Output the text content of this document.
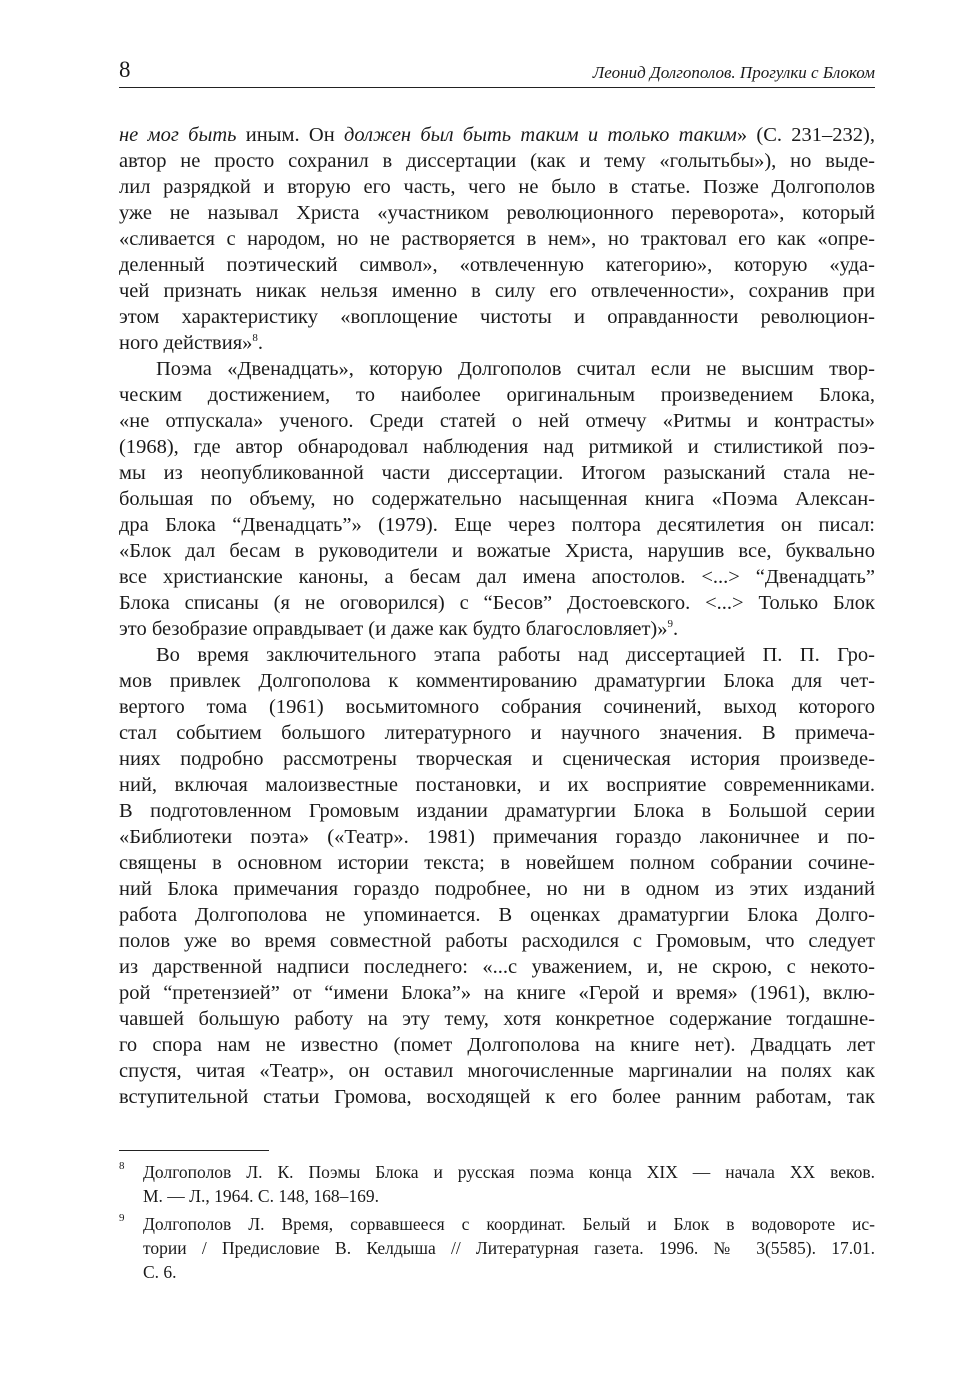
8	Леонид Долгополов. Прогулки с Блоком
не мог быть иным. Он должен был быть таким и только таким» (С. 231–232),
автор не просто сохранил в диссертации (как и тему «голытьбы»), но выде-
лил разрядкой и вторую его часть, чего не было в статье. Позже Долгополов
уже не называл Христа «участником революционного переворота», который
«сливается с народом, но не растворяется в нем», но трактовал его как «опре-
деленный поэтический символ», «отвлеченную категорию», которую «уда-
чей признать никак нельзя именно в силу его отвлеченности», сохранив при
этом характеристику «воплощение чистоты и оправданности революцион-
ного действия»$^8$.
Поэма «Двенадцать», которую Долгополов считал если не высшим твор-
ческим достижением, то наиболее оригинальным произведением Блока,
«не отпускала» ученого. Среди статей о ней отмечу «Ритмы и контрасты»
(1968), где автор обнародовал наблюдения над ритмикой и стилистикой поэ-
мы из неопубликованной части диссертации. Итогом разысканий стала не-
большая по объему, но содержательно насыщенная книга «Поэма Алексан-
дра Блока “Двенадцать”» (1979). Еще через полтора десятилетия он писал:
«Блок дал бесам в руководители и вожатые Христа, нарушив все, буквально
все христианские каноны, а бесам дал имена апостолов. <...> “Двенадцать”
Блока списаны (я не оговорился) с “Бесов” Достоевского. <...> Только Блок
это безобразие оправдывает (и даже как будто благословляет)»$^9$.
Во время заключительного этапа работы над диссертацией П. П. Гро-
мов привлек Долгополова к комментированию драматургии Блока для чет-
вертого тома (1961) восьмитомного собрания сочинений, выход которого
стал событием большого литературного и научного значения. В примеча-
ниях подробно рассмотрены творческая и сценическая история произведе-
ний, включая малоизвестные постановки, и их восприятие современниками.
В подготовленном Громовым издании драматургии Блока в Большой серии
«Библиотеки поэта» («Театр». 1981) примечания гораздо лаконичнее и по-
священы в основном истории текста; в новейшем полном собрании сочине-
ний Блока примечания гораздо подробнее, но ни в одном из этих изданий
работа Долгополова не упоминается. В оценках драматургии Блока Долго-
полов уже во время совместной работы расходился с Громовым, что следует
из дарственной надписи последнего: «...с уважением, и, не скрою, с некото-
рой “претензией” от “имени Блока”» на книге «Герой и время» (1961), вклю-
чавшей большую работу на эту тему, хотя конкретное содержание тогдашне-
го спора нам не известно (помет Долгополова на книге нет). Двадцать лет
спустя, читая «Театр», он оставил многочисленные маргиналии на полях как
вступительной статьи Громова, восходящей к его более ранним работам, так
8 Долгополов Л. К. Поэмы Блока и русская поэма конца XIX — начала XX веков.
М. — Л., 1964. С. 148, 168–169.
9 Долгополов Л. Время, сорвавшееся с координат. Белый и Блок в водовороте ис-
тории / Предисловие В. Келдыша // Литературная газета. 1996. № 3(5585). 17.01.
С. 6.
